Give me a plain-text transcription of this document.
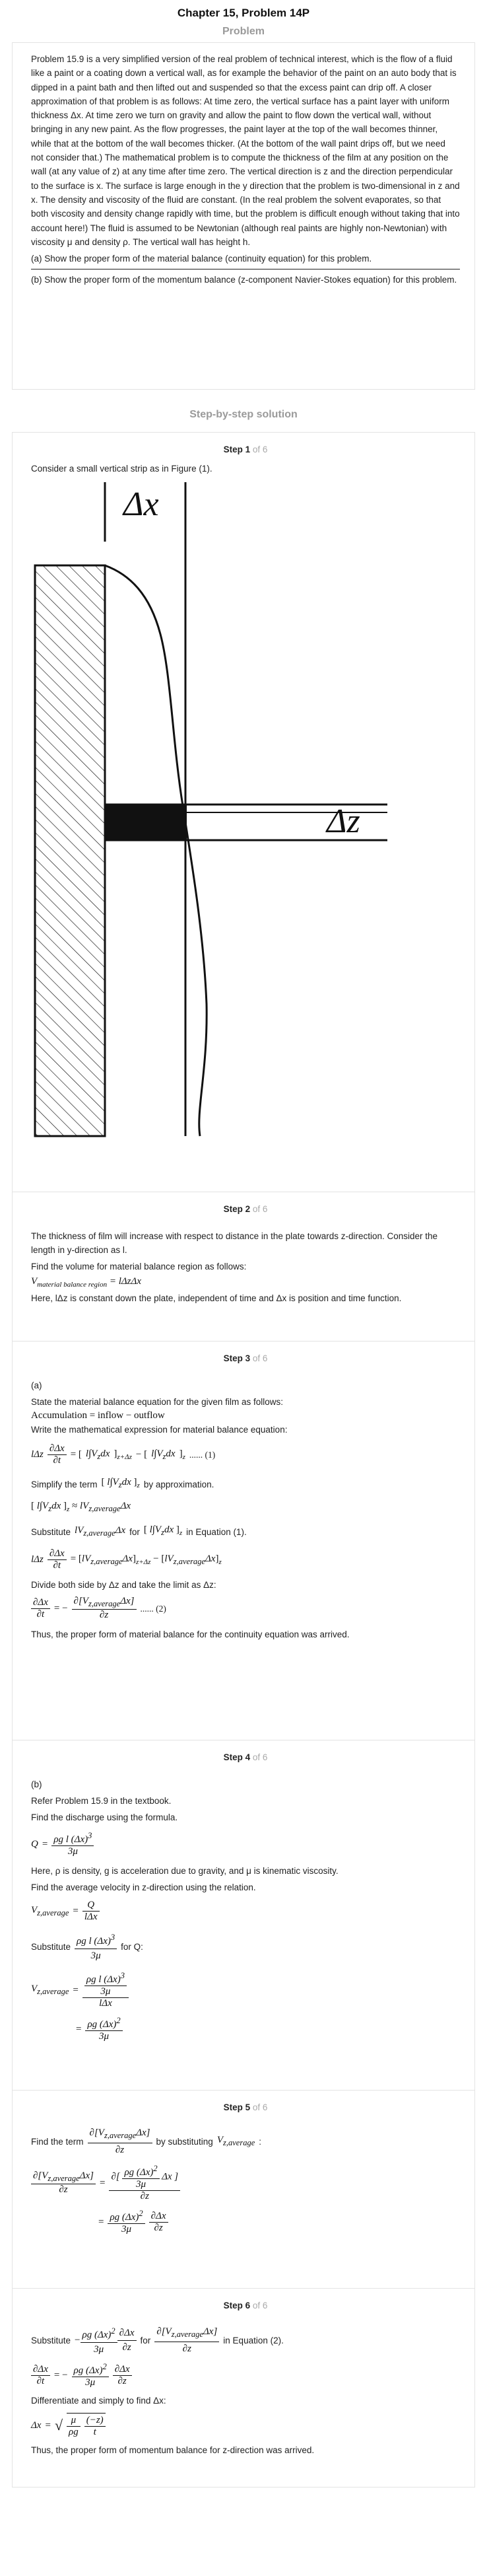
Chapter 15, Problem 14P
Problem

Problem 15.9 is a very simplified version of the real problem of technical interest, which is the flow of a fluid like a paint or a coating down a vertical wall, as for example the behavior of the paint on an auto body that is dipped in a paint bath and then lifted out and suspended so that the excess paint can drip off. A closer approximation of that problem is as follows: At time zero, the vertical surface has a paint layer with uniform thickness Δx. At time zero we turn on gravity and allow the paint to flow down the vertical wall, without bringing in any new paint. As the flow progresses, the paint layer at the top of the wall becomes thinner, while that at the bottom of the wall becomes thicker. (At the bottom of the wall paint drips off, but we need not consider that.) The mathematical problem is to compute the thickness of the film at any position on the wall (at any value of z) at any time after time zero. The vertical direction is z and the direction perpendicular to the surface is x. The surface is large enough in the y direction that the problem is two-dimensional in z and x. The density and viscosity of the fluid are constant. (In the real problem the solvent evaporates, so that both viscosity and density change rapidly with time, but the problem is difficult enough without taking that into account here!) The fluid is assumed to be Newtonian (although real paints are highly non-Newtonian) with viscosity μ and density ρ. The vertical wall has height h.

(a) Show the proper form of the material balance (continuity equation) for this problem.

(b) Show the proper form of the momentum balance (z-component Navier-Stokes equation) for this problem.

Step-by-step solution
Step 1 of 6
Consider a small vertical strip as in Figure (1).
Δx
Δz
Step 2 of 6
The thickness of film will increase with respect to distance in the plate towards z-direction. Consider the length in y-direction as l.
Find the volume for material balance region as follows:
$V_{material balance region} = l\Delta z\Delta x$
Here, lΔz is constant down the plate, independent of time and Δx is position and time function.
Step 3 of 6
(a)
State the material balance equation for the given film as follows:
Accumulation = inflow − outflow
Write the mathematical expression for material balance equation:
lΔz $\frac{\partial\Delta x}{\partial t}$ = [ $l\int V_zdx$ ]$_{z+\Delta z}$ − [ $l\int V_zdx$ ]$_z$ ...... (1)
Simplify the term [ $l\int V_zdx$ ]$_z$ by approximation.
[ $l\int V_zdx$ ]$_z \approx lV_{z,average}\Delta x$
Substitute $lV_{z,average}\Delta x$ for [ $l\int V_zdx$ ]$_z$ in Equation (1).
lΔz $\frac{\partial\Delta x}{\partial t} = [lV_{z,average}\Delta x]_{z+\Delta z} - [lV_{z,average}\Delta x]_z$
Divide both side by Δz and take the limit as Δz:
$\frac{\partial\Delta x}{\partial t}$ = − $\frac{\partial[V_{z,average}\Delta x]}{\partial z}$ ...... (2)
Thus, the proper form of material balance for the continuity equation was arrived.
Step 4 of 6
(b)
Refer Problem 15.9 in the textbook.
Find the discharge using the formula.
$Q = \frac{\rho g l (\Delta x)^3}{3\mu}$
Here, ρ is density, g is acceleration due to gravity, and μ is kinematic viscosity.
Find the average velocity in z-direction using the relation.
$V_{z,average} = \frac{Q}{\text{lΔx}}$
Substitute $\frac{\rho g l (\Delta x)^3}{3\mu}$ for Q:
$V_{z,average} = \frac{\frac{\rho g l (\Delta x)^3}{3\mu}}{\text{lΔx}}$
= $\frac{\rho g (\Delta x)^2}{3\mu}$
Step 5 of 6
Find the term $\frac{\partial[V_{z,average}\Delta x]}{\partial z}$ by substituting $V_{z,average}$ :
$\frac{\partial[V_{z,average}\Delta x]}{\partial z} = \frac{\partial[ \frac{\rho g (\Delta x)^2}{3\mu} \Delta x ]}{\partial z}$
= $\frac{\rho g (\Delta x)^2}{3\mu} \frac{\partial\Delta x}{\partial z}$
Step 6 of 6
Substitute − $\frac{\rho g (\Delta x)^2}{3\mu} \frac{\partial\Delta x}{\partial z}$ for $\frac{\partial[V_{z,average}\Delta x]}{\partial z}$ in Equation (2).
$\frac{\partial\Delta x}{\partial t}$ = − $\frac{\rho g (\Delta x)^2}{3\mu} \frac{\partial\Delta x}{\partial z}$
Differentiate and simply to find Δx:
Δx = √ $\frac{\mu}{\rho g} \frac{(-z)}{t}$
Thus, the proper form of momentum balance for z-direction was arrived.
